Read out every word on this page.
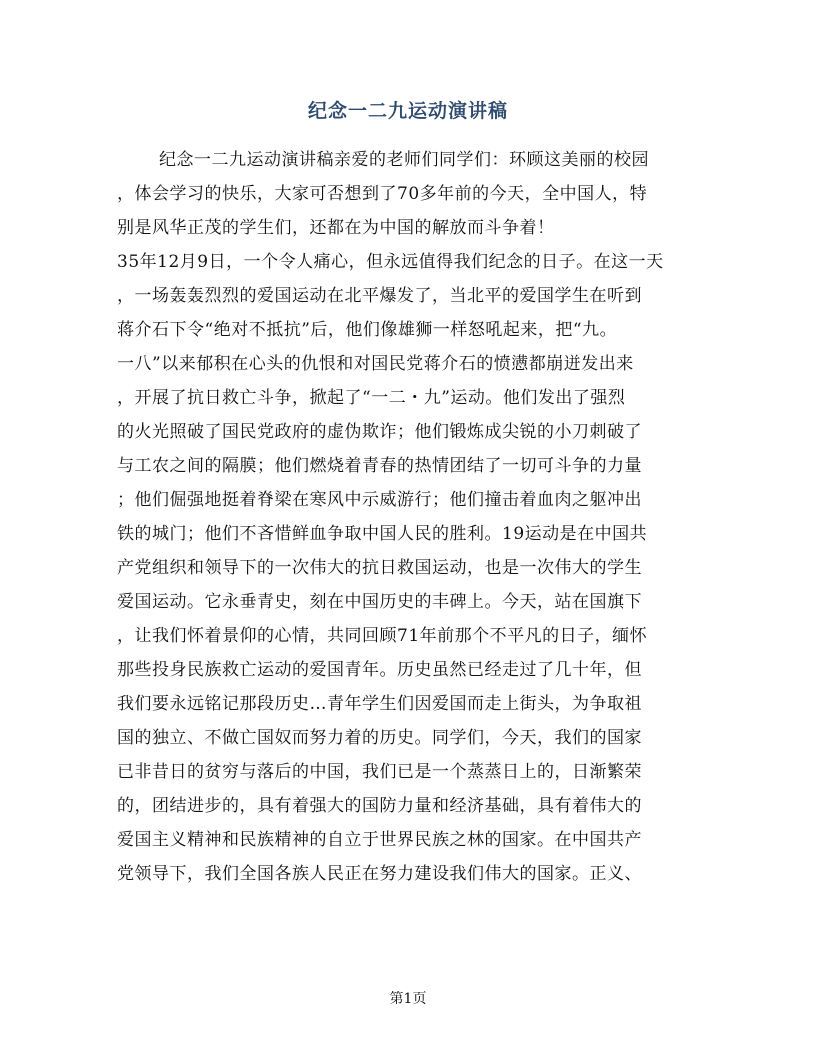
纪念一二九运动演讲稿
纪念一二九运动演讲稿亲爱的老师们同学们：环顾这美丽的校园
，体会学习的快乐，大家可否想到了70多年前的今天，全中国人，特
别是风华正茂的学生们，还都在为中国的解放而斗争着！
35年12月9日，一个令人痛心，但永远值得我们纪念的日子。在这一天
，一场轰轰烈烈的爱国运动在北平爆发了，当北平的爱国学生在听到
蒋介石下令“绝对不抵抗”后，他们像雄狮一样怒吼起来，把“九。
一八”以来郁积在心头的仇恨和对国民党蒋介石的愤懑都崩迸发出来
，开展了抗日救亡斗争，掀起了“一二・九”运动。他们发出了强烈
的火光照破了国民党政府的虚伪欺诈；他们锻炼成尖锐的小刀刺破了
与工农之间的隔膜；他们燃烧着青春的热情团结了一切可斗争的力量
；他们倔强地挺着脊梁在寒风中示威游行；他们撞击着血肉之躯冲出
铁的城门；他们不吝惜鲜血争取中国人民的胜利。19运动是在中国共
产党组织和领导下的一次伟大的抗日救国运动，也是一次伟大的学生
爱国运动。它永垂青史，刻在中国历史的丰碑上。今天，站在国旗下
，让我们怀着景仰的心情，共同回顾71年前那个不平凡的日子，缅怀
那些投身民族救亡运动的爱国青年。历史虽然已经走过了几十年，但
我们要永远铭记那段历史…青年学生们因爱国而走上街头，为争取祖
国的独立、不做亡国奴而努力着的历史。同学们，今天，我们的国家
已非昔日的贫穷与落后的中国，我们已是一个蒸蒸日上的，日渐繁荣
的，团结进步的，具有着强大的国防力量和经济基础，具有着伟大的
爱国主义精神和民族精神的自立于世界民族之林的国家。在中国共产
党领导下，我们全国各族人民正在努力建设我们伟大的国家。正义、
第1页
